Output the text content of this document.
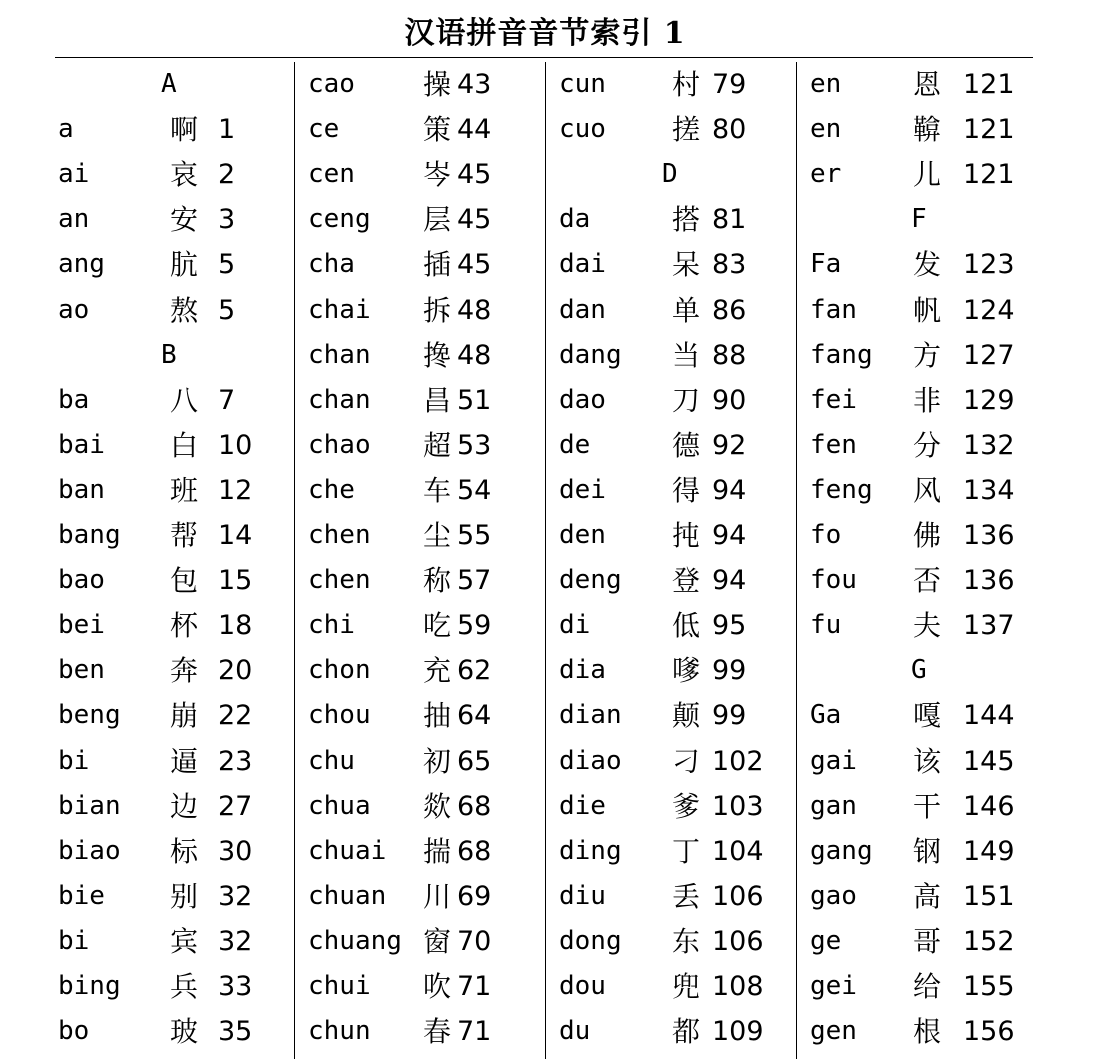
汉语拼音音节索引 1
A
a	啊 1
ai	哀 2
an	安 3
ang 肮 5
ao	熬 5
B
ba	八 7
bai 白 10
ban 班 12
bang 帮 14
bao 包 15
bei 杯 18
ben 奔 20
beng 崩 22
bi	逼 23
bian 边 27
biao 标 30
bie 别 32
bi	宾 32
bing 兵 33
bo	玻 35
cao 操 43
ce	策 44
cen 岑 45
ceng 层 45
cha 插 45
chai 拆 48
chan 搀 48
chan 昌 51
chao 超 53
che 车 54
chen 尘 55
chen 称 57
chi 吃 59
chon 充 62
chou 抽 64
chu 初 65
chua 欻 68
chuai 揣 68
chuan 川 69
chuang 窗 70
chui 吹 71
chun 春 71
cun 村 79
cuo 搓 80
D
da	搭 81
dai 呆 83
dan 单 86
dang 当 88
dao 刀 90
de	德 92
dei 得 94
den 扽 94
deng 登 94
di	低 95
dia 嗲 99
dian 颠 99
diao 刁 102
die 爹 103
ding 丁 104
diu 丢 106
dong 东 106
dou 兜 108
du	都 109
en	恩 121
en	鞥 121
er	儿 121
F
Fa	发 123
fan 帆 124
fang 方 127
fei 非 129
fen 分 132
feng 风 134
fo	佛 136
fou 否 136
fu	夫 137
G
Ga	嘎 144
gai 该 145
gan 干 146
gang 钢 149
gao 高 151
ge	哥 152
gei 给 155
gen 根 156
